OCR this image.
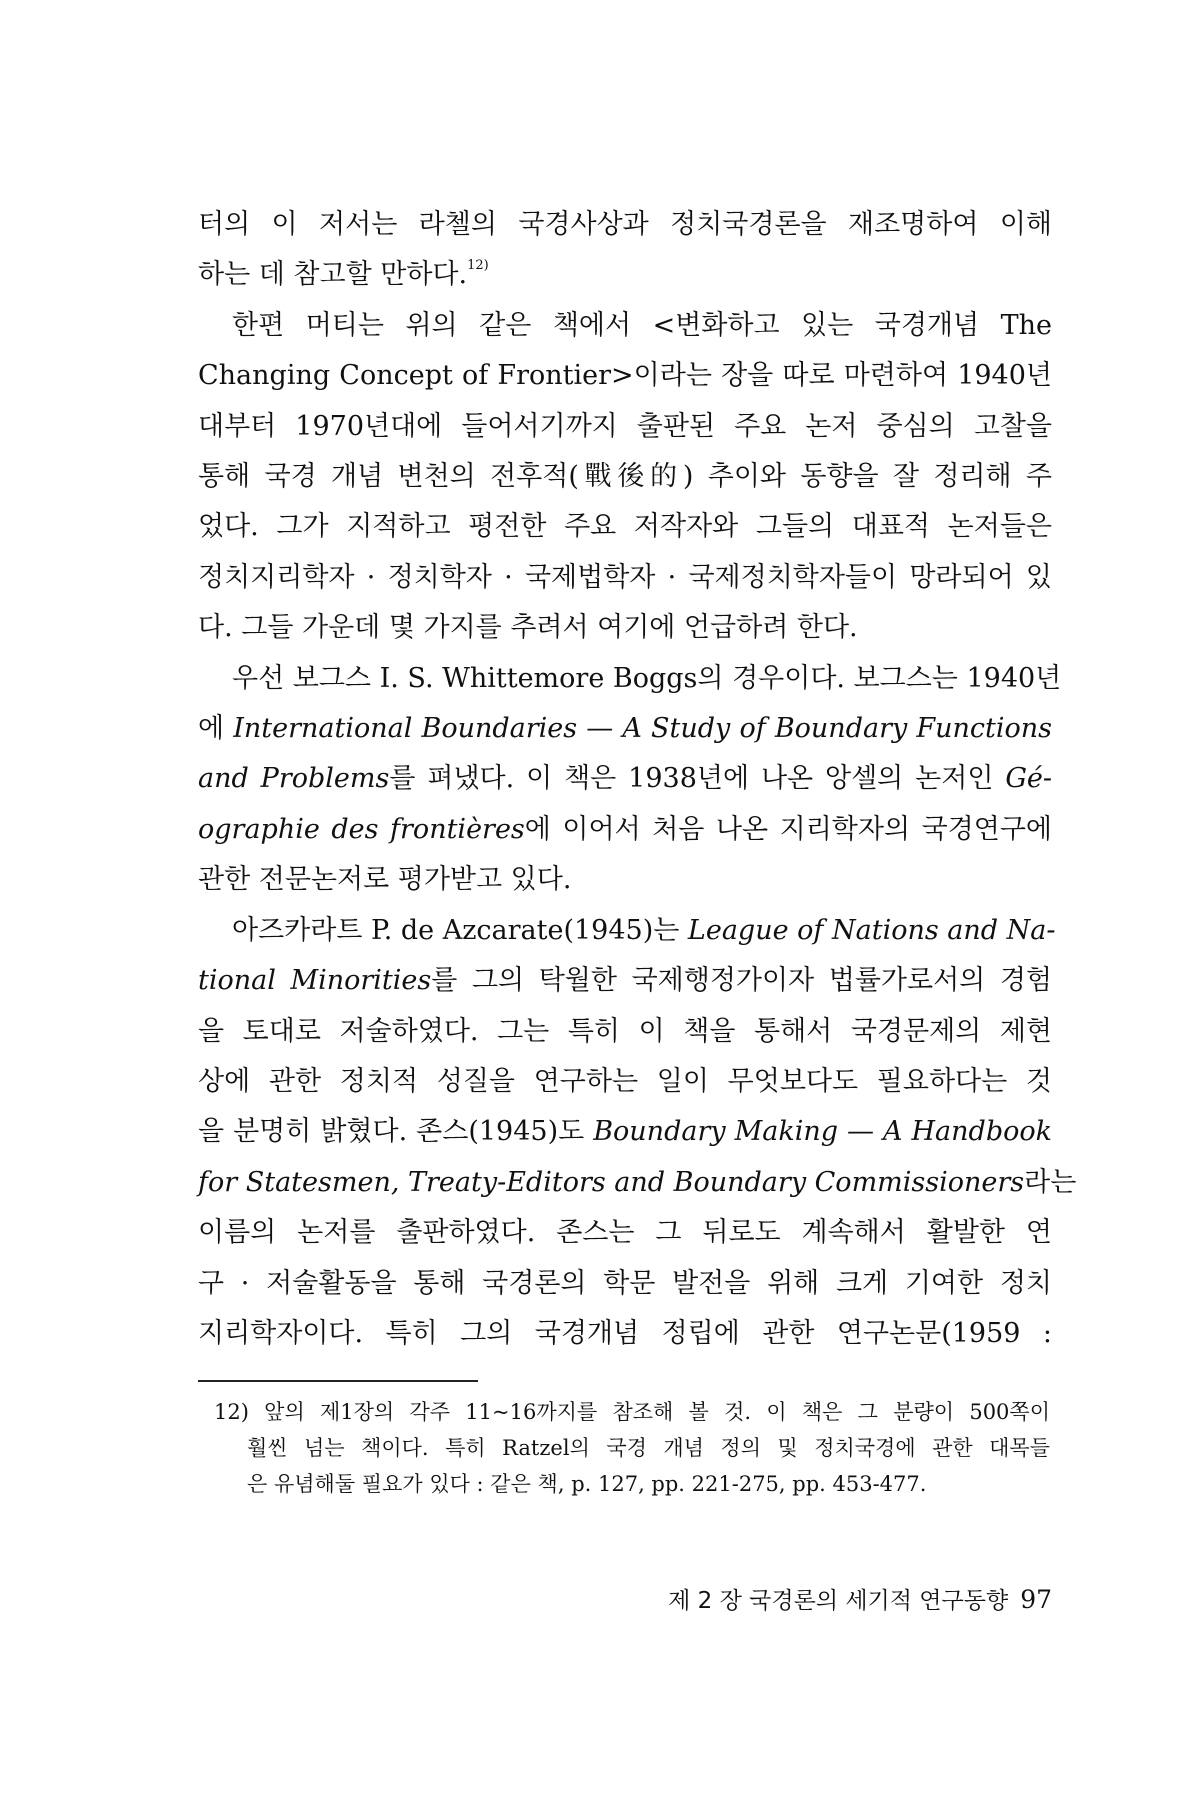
터의 이 저서는 라첼의 국경사상과 정치국경론을 재조명하여 이해
하는 데 참고할 만하다.$^{12)}$

한편 머티는 위의 같은 책에서 <변화하고 있는 국경개념 The
Changing Concept of Frontier>이라는 장을 따로 마련하여 1940년
대부터 1970년대에 들어서기까지 출판된 주요 논저 중심의 고찰을
통해 국경 개념 변천의 전후적(戰後的) 추이와 동향을 잘 정리해 주
었다. 그가 지적하고 평전한 주요 저작자와 그들의 대표적 논저들은
정치지리학자 · 정치학자 · 국제법학자 · 국제정치학자들이 망라되어 있
다. 그들 가운데 몇 가지를 추려서 여기에 언급하려 한다.

우선 보그스 I. S. Whittemore Boggs의 경우이다. 보그스는 1940년
에 International Boundaries — A Study of Boundary Functions
and Problems를 펴냈다. 이 책은 1938년에 나온 앙셀의 논저인 Gé-
ographie des frontières에 이어서 처음 나온 지리학자의 국경연구에
관한 전문논저로 평가받고 있다.

아즈카라트 P. de Azcarate(1945)는 League of Nations and Na-
tional Minorities를 그의 탁월한 국제행정가이자 법률가로서의 경험
을 토대로 저술하였다. 그는 특히 이 책을 통해서 국경문제의 제현
상에 관한 정치적 성질을 연구하는 일이 무엇보다도 필요하다는 것
을 분명히 밝혔다. 존스(1945)도 Boundary Making — A Handbook
for Statesmen, Treaty-Editors and Boundary Commissioners라는
이름의 논저를 출판하였다. 존스는 그 뒤로도 계속해서 활발한 연
구 · 저술활동을 통해 국경론의 학문 발전을 위해 크게 기여한 정치
지리학자이다. 특히 그의 국경개념 정립에 관한 연구논문(1959 :

12) 앞의 제1장의 각주 11~16까지를 참조해 볼 것. 이 책은 그 분량이 500쪽이
훨씬 넘는 책이다. 특히 Ratzel의 국경 개념 정의 및 정치국경에 관한 대목들
은 유념해둘 필요가 있다 : 같은 책, p. 127, pp. 221-275, pp. 453-477.
제 2 장 국경론의 세기적 연구동향 97
